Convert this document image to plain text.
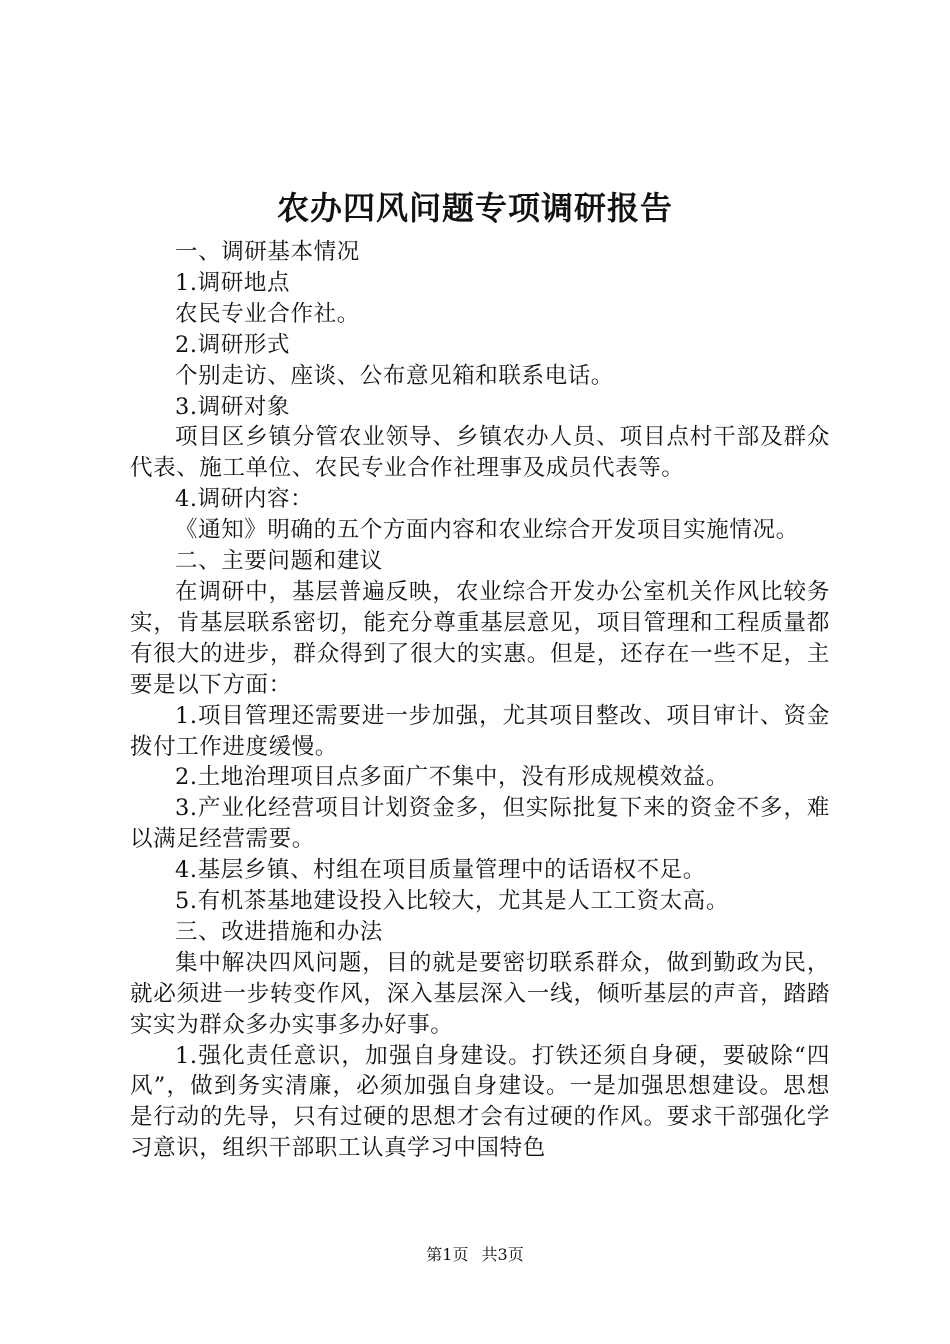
农办四风问题专项调研报告

一、调研基本情况

1.调研地点

农民专业合作社。

2.调研形式

个别走访、座谈、公布意见箱和联系电话。

3.调研对象

项目区乡镇分管农业领导、乡镇农办人员、项目点村干部及群众代表、施工单位、农民专业合作社理事及成员代表等。

4.调研内容：

《通知》明确的五个方面内容和农业综合开发项目实施情况。

二、主要问题和建议

在调研中，基层普遍反映，农业综合开发办公室机关作风比较务实，肯基层联系密切，能充分尊重基层意见，项目管理和工程质量都有很大的进步，群众得到了很大的实惠。但是，还存在一些不足，主要是以下方面：

1.项目管理还需要进一步加强，尤其项目整改、项目审计、资金拨付工作进度缓慢。

2.土地治理项目点多面广不集中，没有形成规模效益。

3.产业化经营项目计划资金多，但实际批复下来的资金不多，难以满足经营需要。

4.基层乡镇、村组在项目质量管理中的话语权不足。

5.有机茶基地建设投入比较大，尤其是人工工资太高。

三、改进措施和办法

集中解决四风问题，目的就是要密切联系群众，做到勤政为民，就必须进一步转变作风，深入基层深入一线，倾听基层的声音，踏踏实实为群众多办实事多办好事。

1.强化责任意识，加强自身建设。打铁还须自身硬，要破除“四风”，做到务实清廉，必须加强自身建设。一是加强思想建设。思想是行动的先导，只有过硬的思想才会有过硬的作风。要求干部强化学习意识，组织干部职工认真学习中国特色

第1页 共3页
